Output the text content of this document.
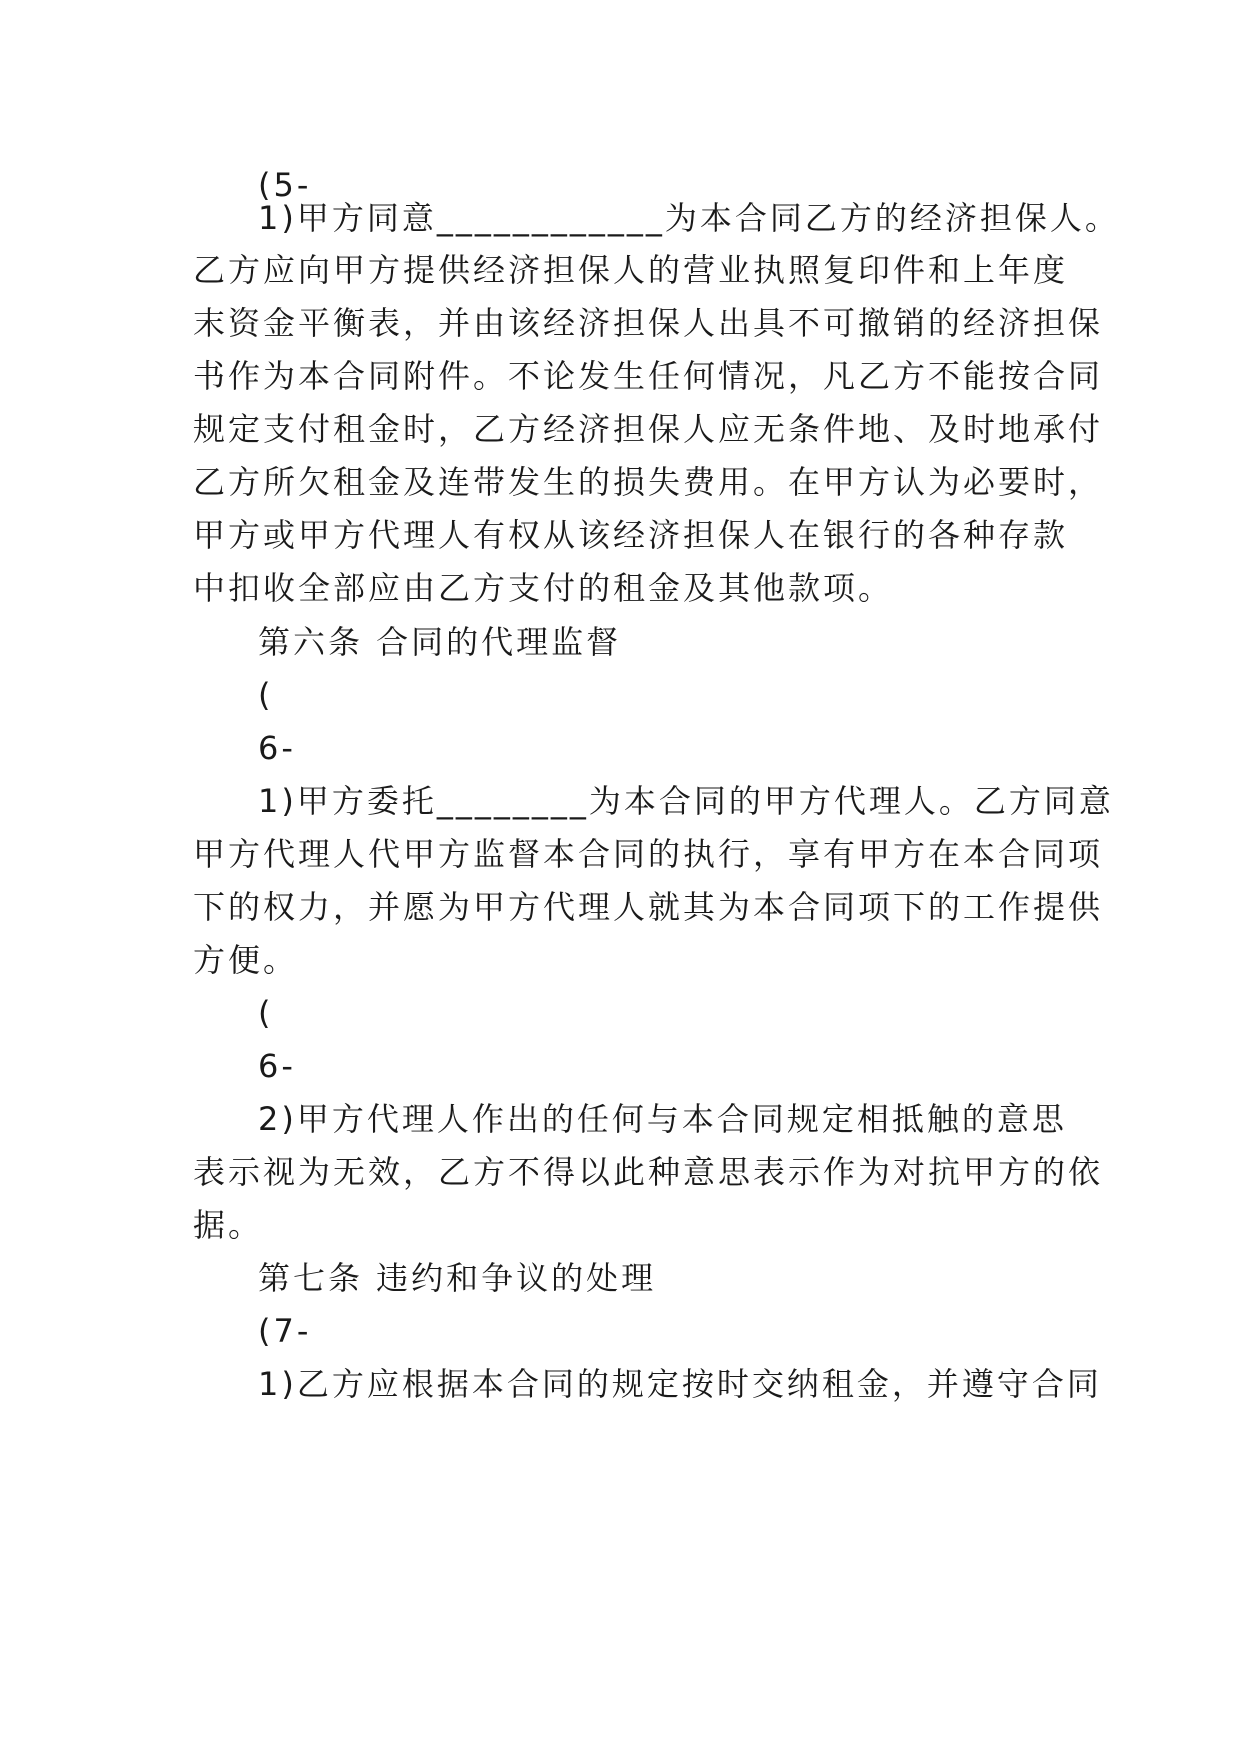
(5-
1)甲方同意____________为本合同乙方的经济担保人。
乙方应向甲方提供经济担保人的营业执照复印件和上年度
末资金平衡表，并由该经济担保人出具不可撤销的经济担保
书作为本合同附件。不论发生任何情况，凡乙方不能按合同
规定支付租金时，乙方经济担保人应无条件地、及时地承付
乙方所欠租金及连带发生的损失费用。在甲方认为必要时，
甲方或甲方代理人有权从该经济担保人在银行的各种存款
中扣收全部应由乙方支付的租金及其他款项。
第六条 合同的代理监督
(
6-
1)甲方委托________为本合同的甲方代理人。乙方同意
甲方代理人代甲方监督本合同的执行，享有甲方在本合同项
下的权力，并愿为甲方代理人就其为本合同项下的工作提供
方便。
(
6-
2)甲方代理人作出的任何与本合同规定相抵触的意思
表示视为无效，乙方不得以此种意思表示作为对抗甲方的依
据。
第七条 违约和争议的处理
(7-
1)乙方应根据本合同的规定按时交纳租金，并遵守合同
